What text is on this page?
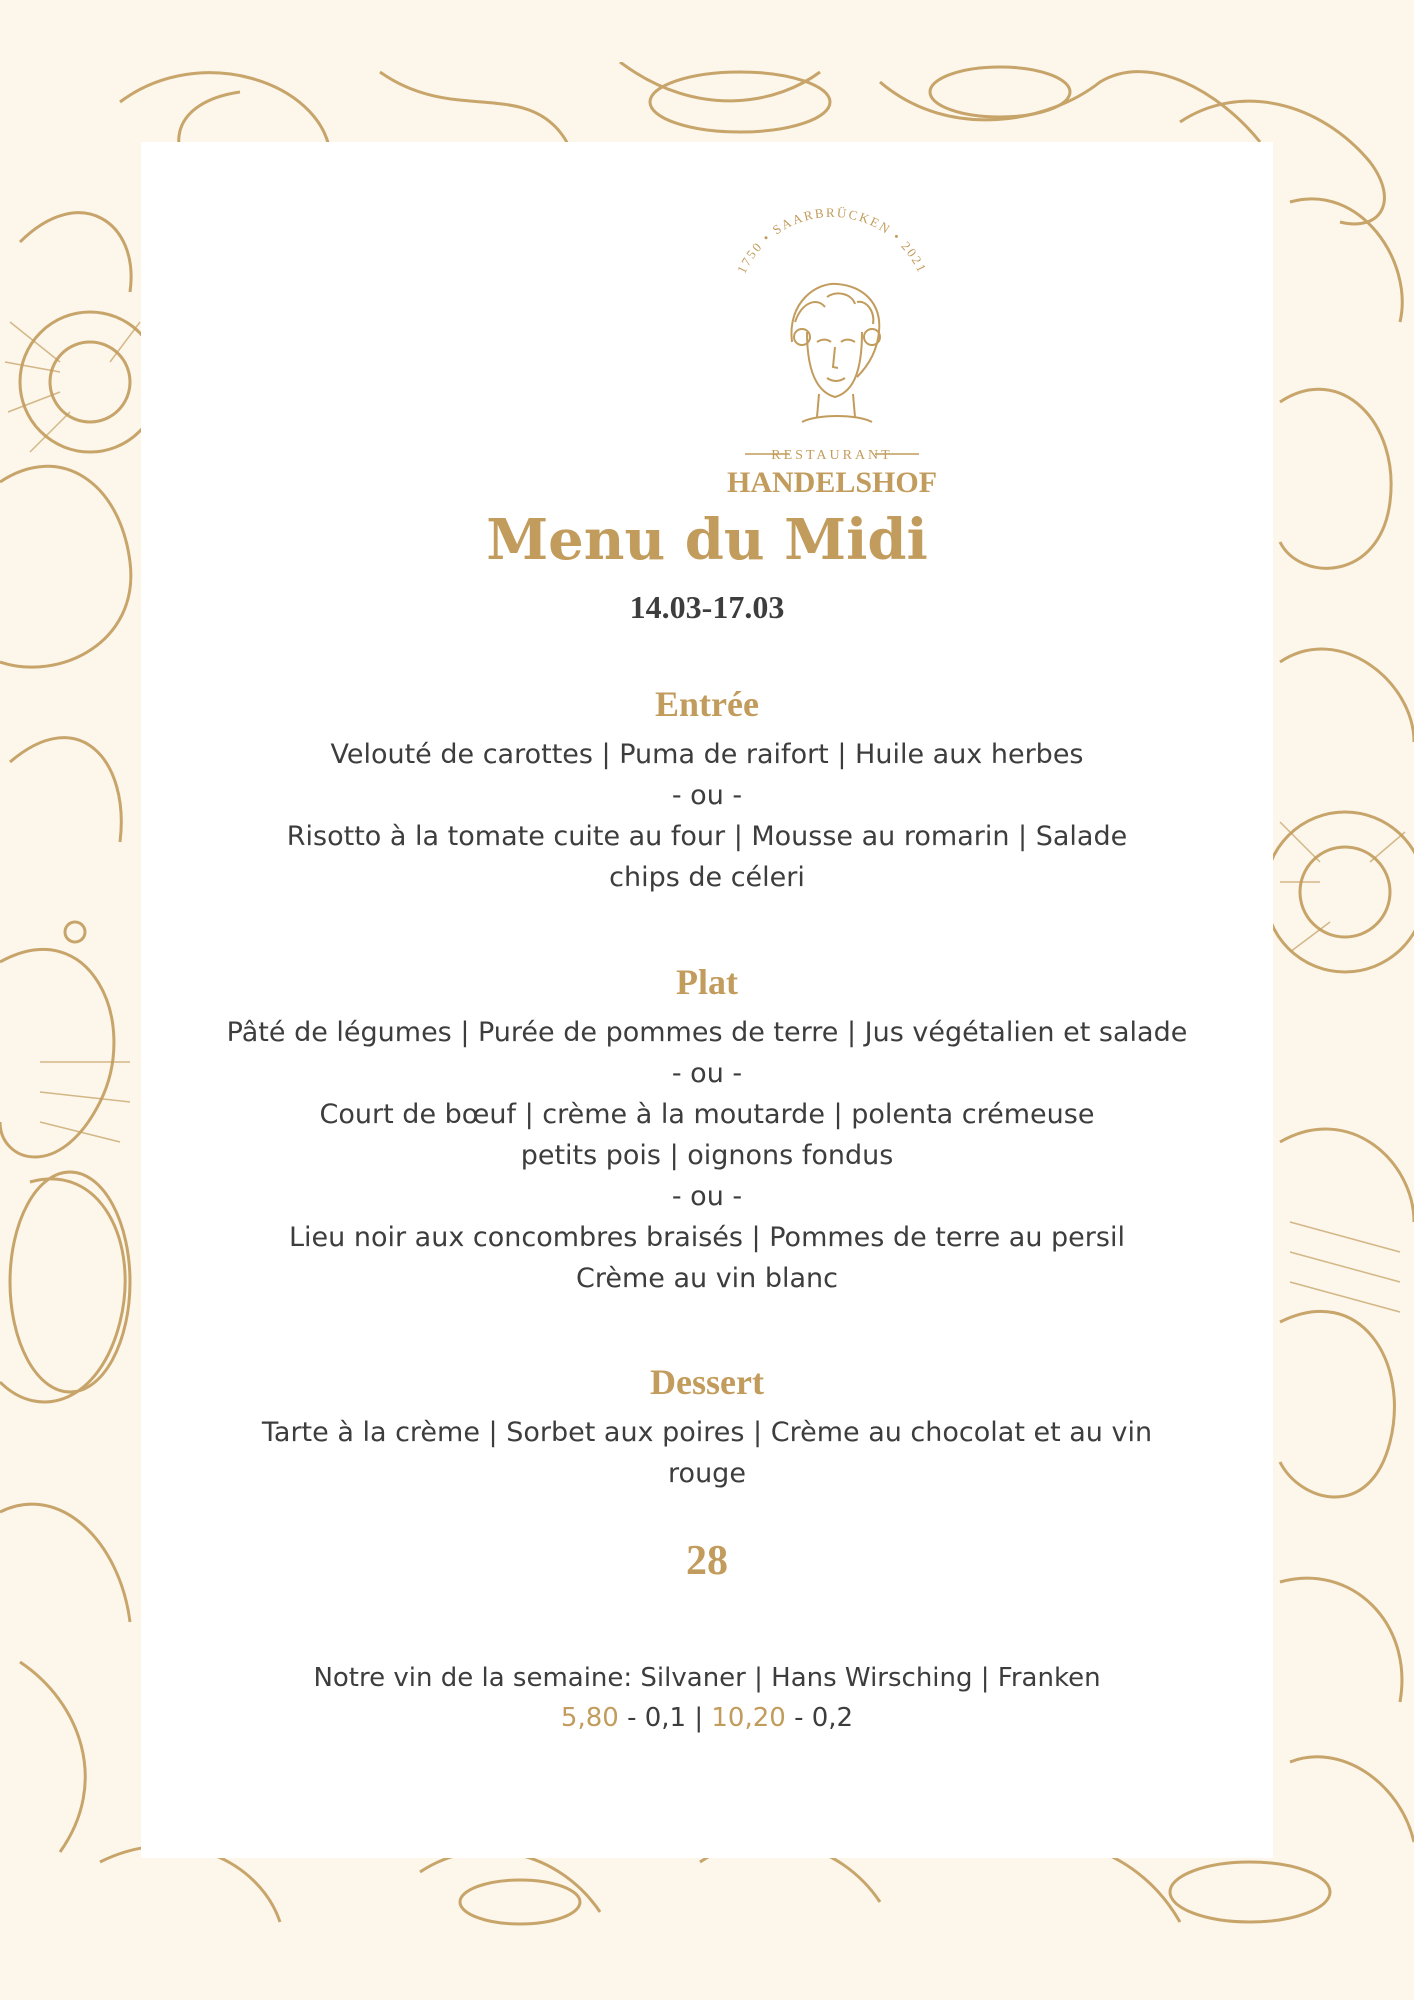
1750 • SAARBRÜCKEN • 2021
RESTAURANT
HANDELSHOF
Menu du Midi
14.03-17.03
Entrée
Velouté de carottes | Puma de raifort | Huile aux herbes
- ou -
Risotto à la tomate cuite au four | Mousse au romarin | Salade
chips de céleri
Plat
Pâté de légumes | Purée de pommes de terre | Jus végétalien et salade
- ou -
Court de bœuf | crème à la moutarde | polenta crémeuse
petits pois | oignons fondus
- ou -
Lieu noir aux concombres braisés | Pommes de terre au persil
Crème au vin blanc
Dessert
Tarte à la crème | Sorbet aux poires | Crème au chocolat et au vin
rouge
28
Notre vin de la semaine: Silvaner | Hans Wirsching | Franken
5,80 - 0,1 | 10,20 - 0,2
